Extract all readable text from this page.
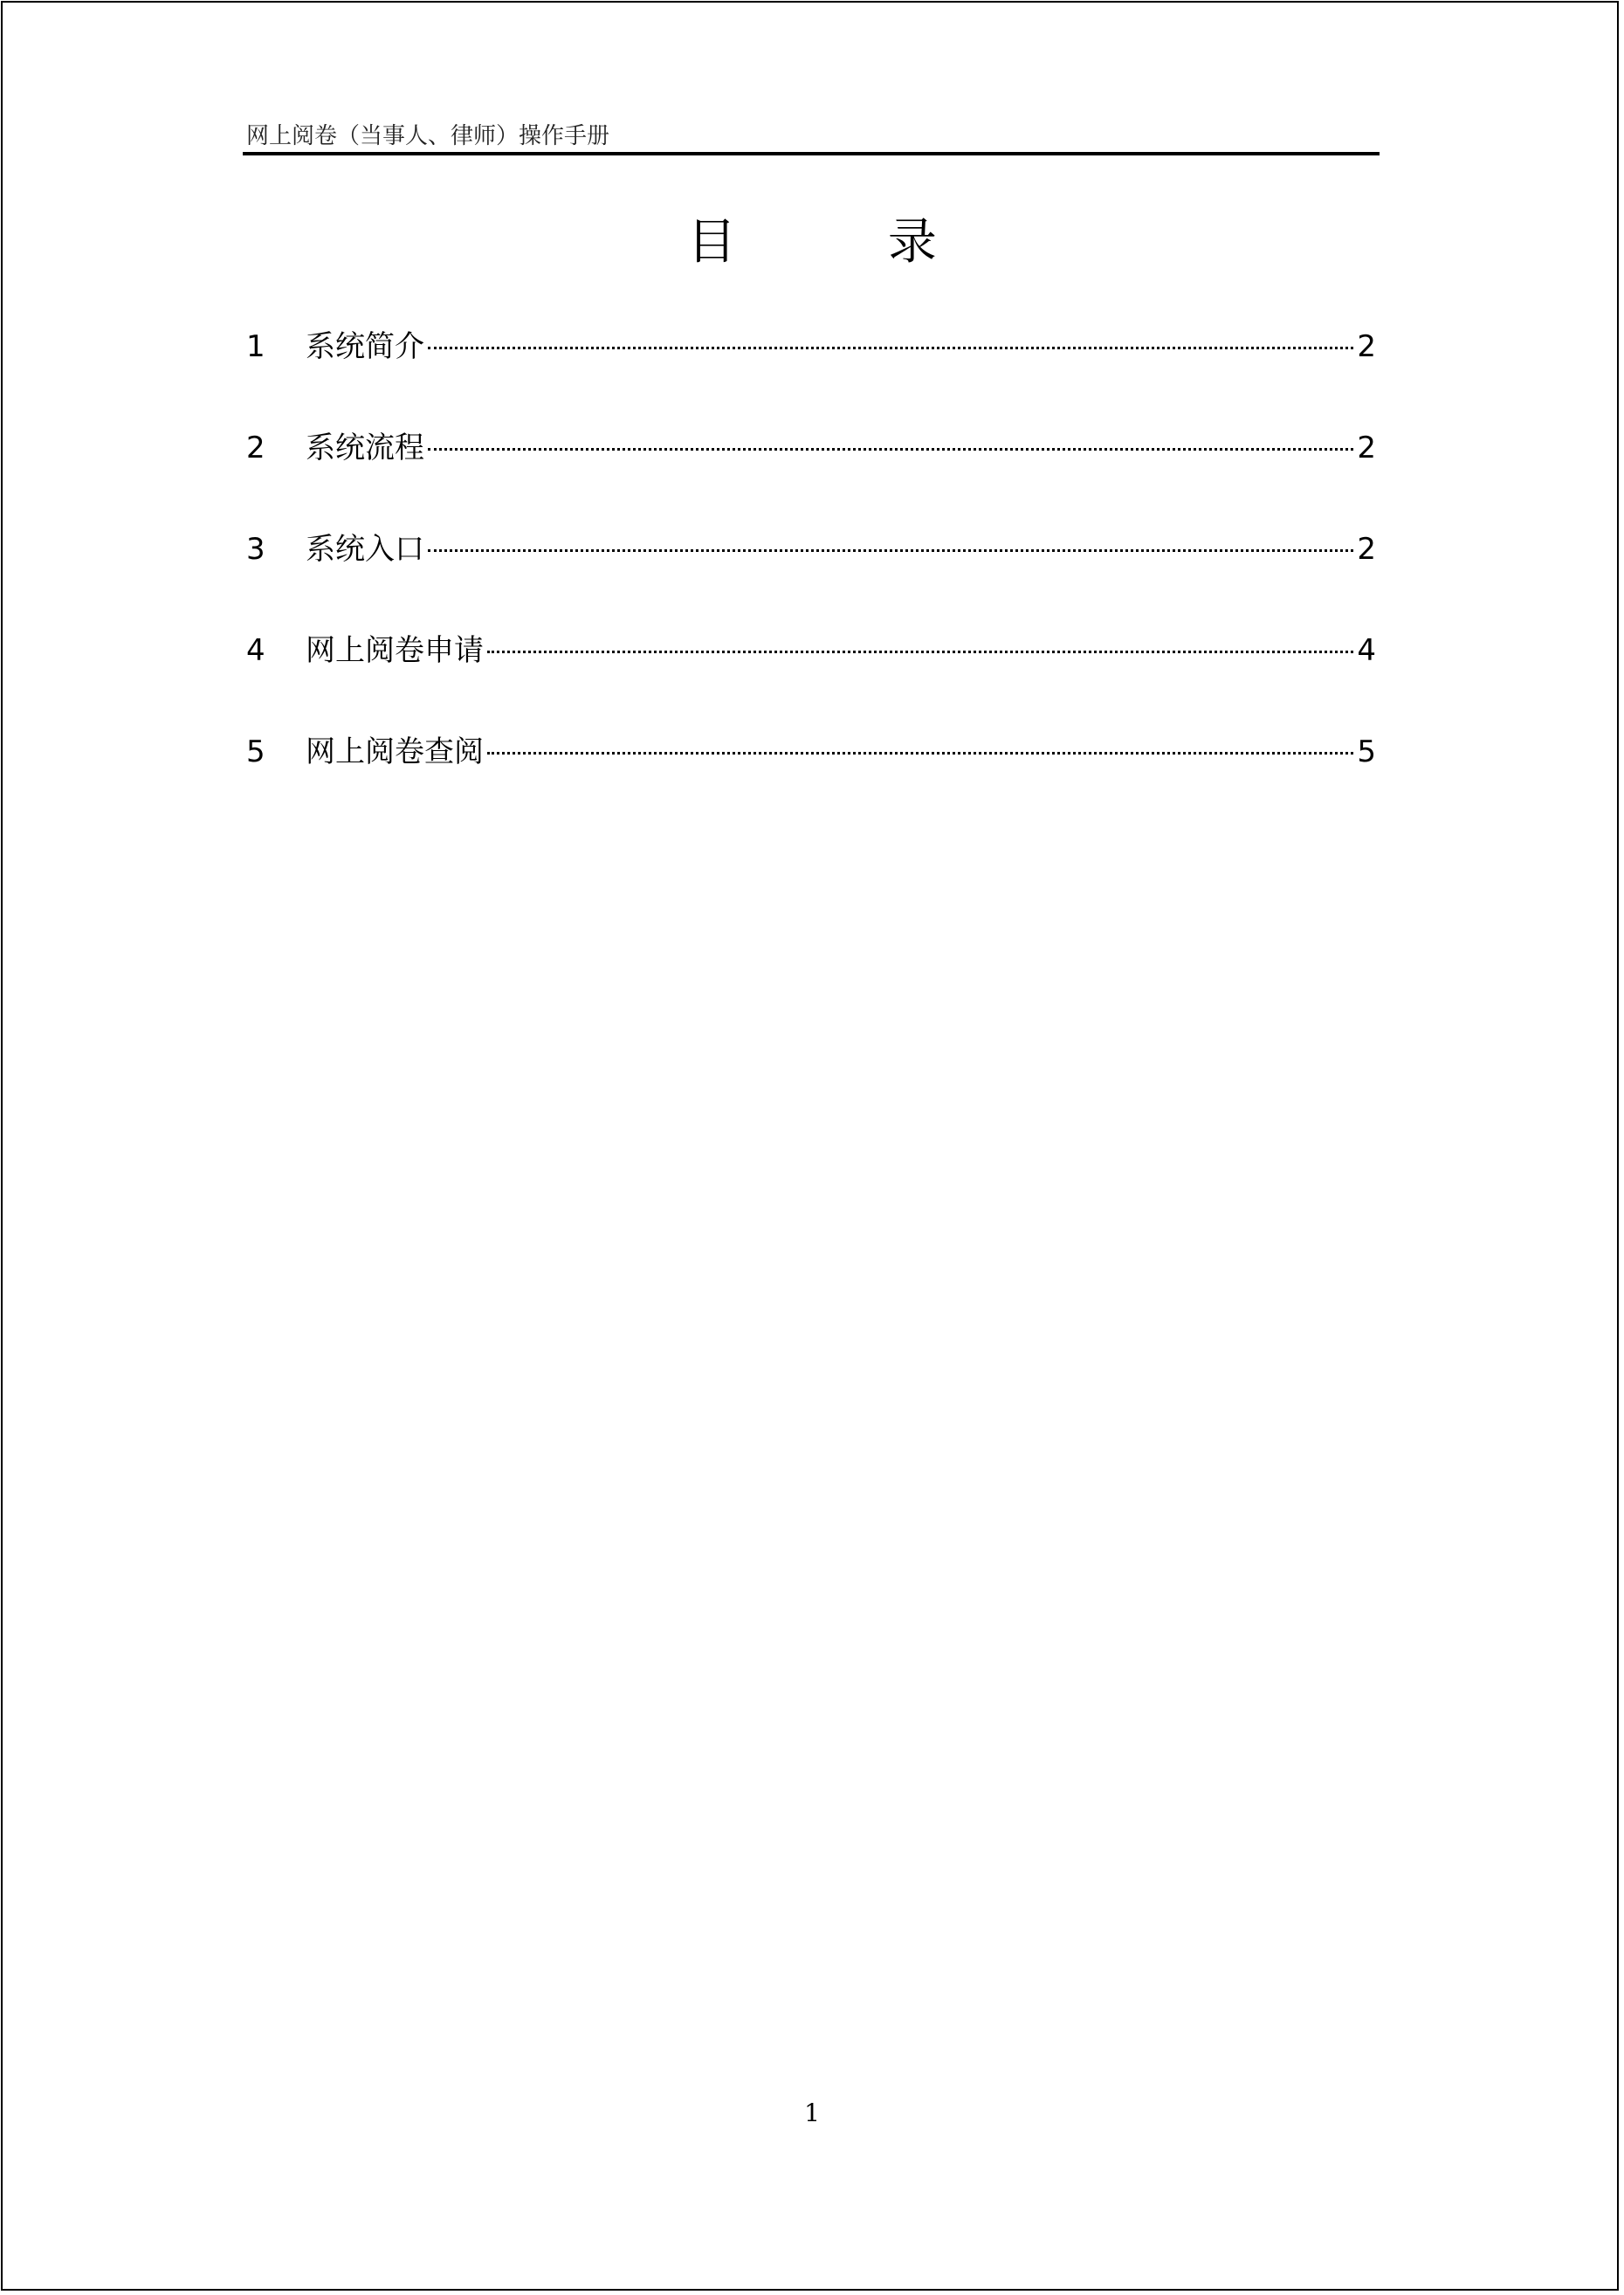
网上阅卷（当事人、律师）操作手册
目 录
1	系统简介	2
2	系统流程	2
3	系统入口	2
4	网上阅卷申请	4
5	网上阅卷查阅	5
1
